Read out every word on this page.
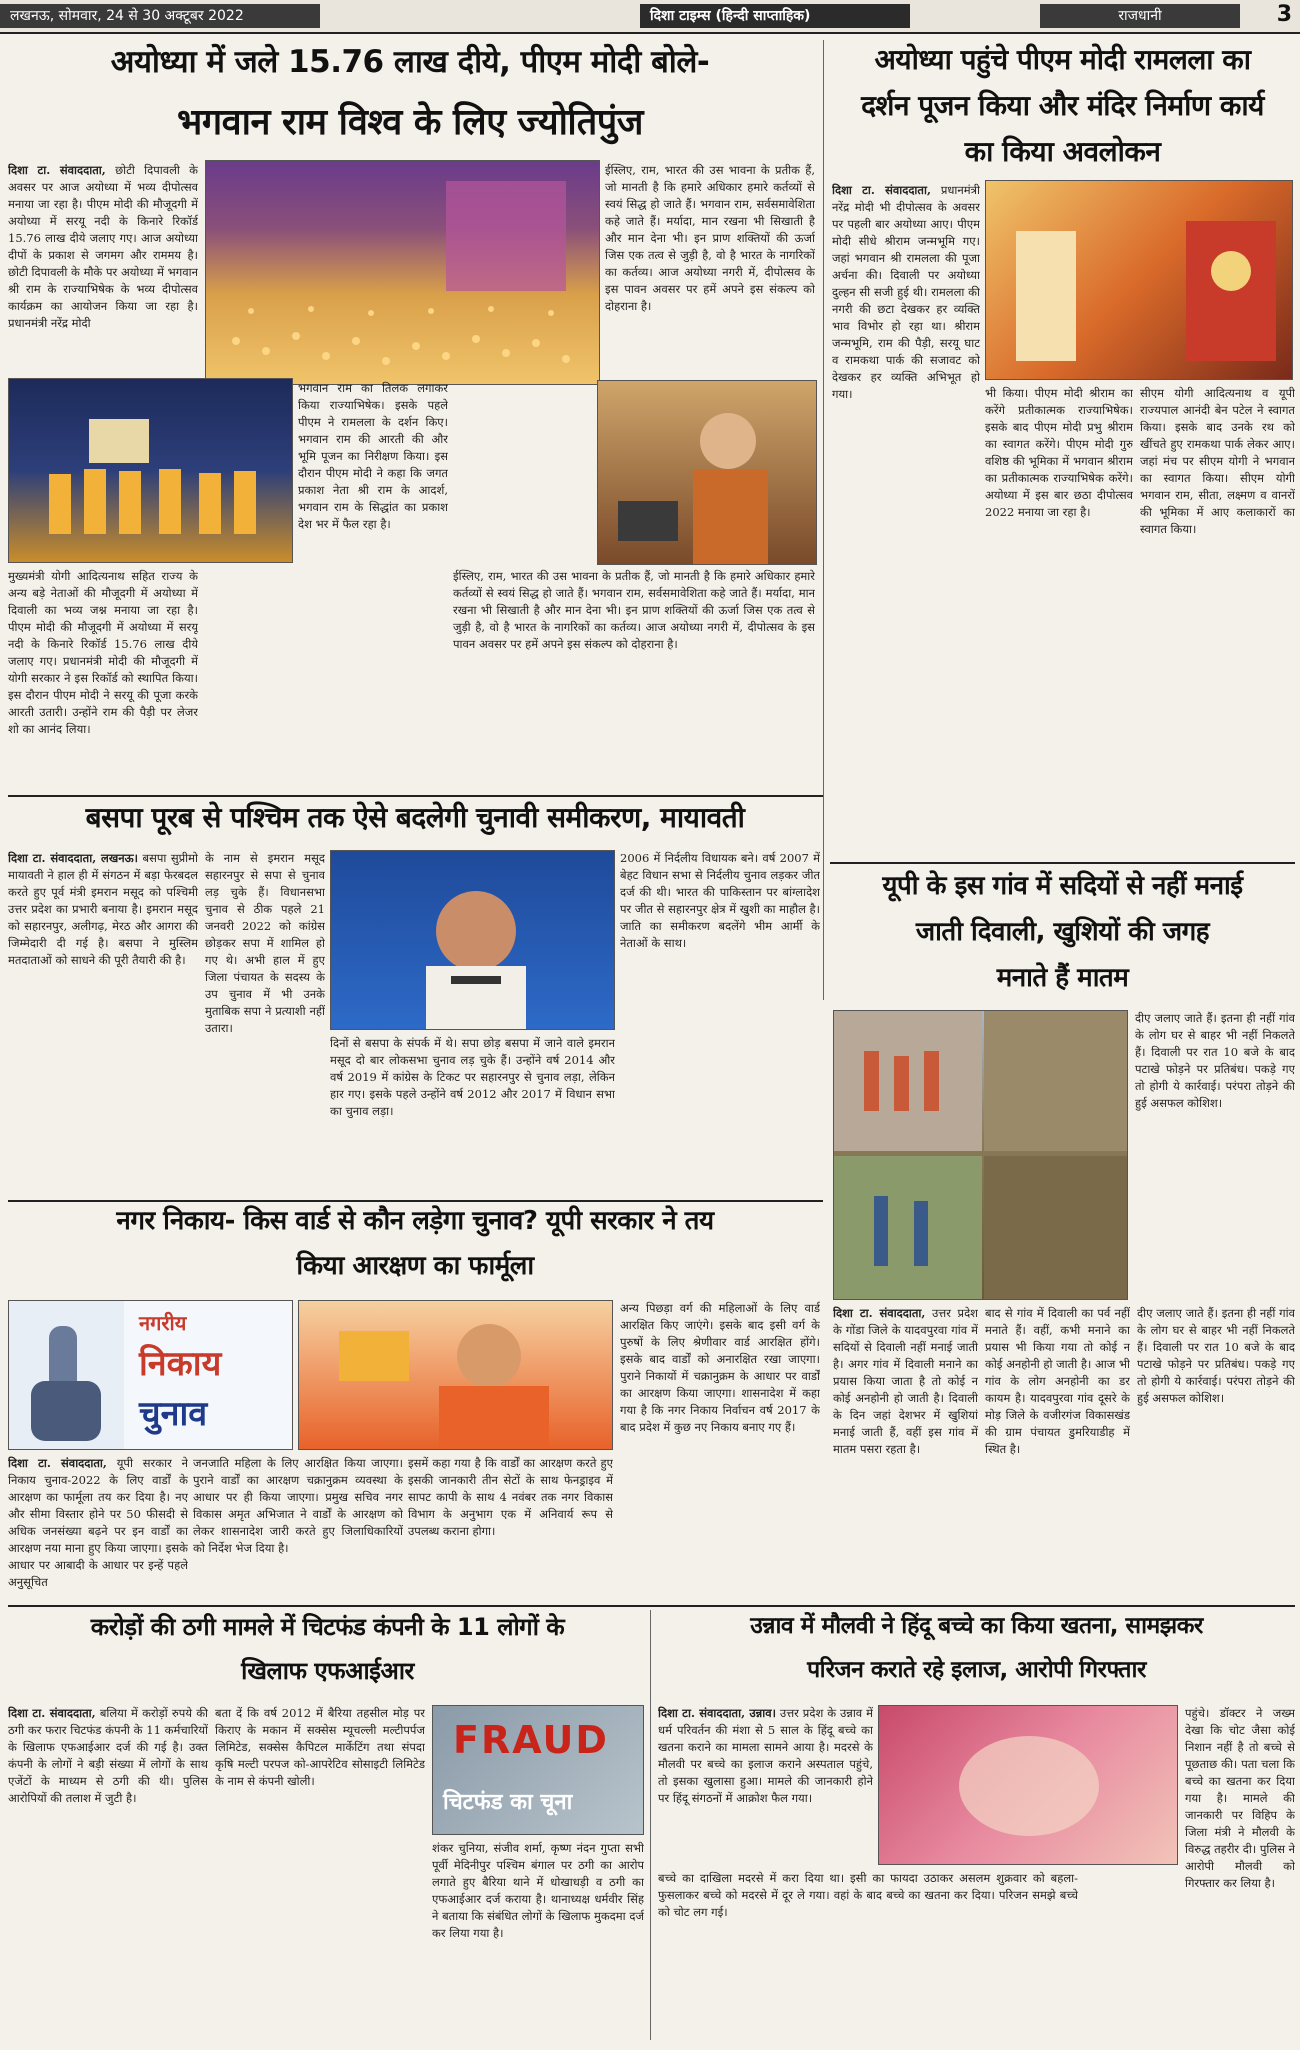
लखनऊ, सोमवार, 24 से 30 अक्टूबर 2022	दिशा टाइम्स (हिन्दी साप्ताहिक)	राजधानी	3
अयोध्या में जले 15.76 लाख दीये, पीएम मोदी बोले-
भगवान राम विश्व के लिए ज्योतिपुंज
दिशा टा. संवाददाता, छोटी दिपावली के अवसर पर आज अयोध्या में भव्य दीपोत्सव मनाया जा रहा है। पीएम मोदी की मौजूदगी में अयोध्या में सरयू नदी के किनारे रिकॉर्ड 15.76 लाख दीये जलाए गए। आज अयोध्या दीपों के प्रकाश से जगमग और राममय है। छोटी दिपावली के मौके पर अयोध्या में भगवान श्री राम के राज्याभिषेक के भव्य दीपोत्सव कार्यक्रम का आयोजन किया जा रहा है। प्रधानमंत्री नरेंद्र मोदी
मुख्यमंत्री योगी आदित्यनाथ सहित राज्य के अन्य बड़े नेताओं की मौजूदगी में अयोध्या में दिवाली का भव्य जश्न मनाया जा रहा है। पीएम मोदी की मौजूदगी में अयोध्या में सरयू नदी के किनारे रिकॉर्ड 15.76 लाख दीये जलाए गए। प्रधानमंत्री मोदी की मौजूदगी में योगी सरकार ने इस रिकॉर्ड को स्थापित किया। इस दौरान पीएम मोदी ने सरयू की पूजा करके आरती उतारी। उन्होंने राम की पैड़ी पर लेजर शो का आनंद लिया।
भगवान राम का तिलक लगाकर किया राज्याभिषेक। इसके पहले पीएम ने रामलला के दर्शन किए। भगवान राम की आरती की और भूमि पूजन का निरीक्षण किया। इस दौरान पीएम मोदी ने कहा कि जगत प्रकाश नेता श्री राम के आदर्श, भगवान राम के सिद्धांत का प्रकाश देश भर में फैल रहा है।
ईस्लिए, राम, भारत की उस भावना के प्रतीक हैं, जो मानती है कि हमारे अधिकार हमारे कर्तव्यों से स्वयं सिद्ध हो जाते हैं। भगवान राम, सर्वसमावेशिता कहे जाते हैं। मर्यादा, मान रखना भी सिखाती है और मान देना भी। इन प्राण शक्तियों की ऊर्जा जिस एक तत्व से जुड़ी है, वो है भारत के नागरिकों का कर्तव्य। आज अयोध्या नगरी में, दीपोत्सव के इस पावन अवसर पर हमें अपने इस संकल्प को दोहराना है।
ईस्लिए, राम, भारत की उस भावना के प्रतीक हैं, जो मानती है कि हमारे अधिकार हमारे कर्तव्यों से स्वयं सिद्ध हो जाते हैं। भगवान राम, सर्वसमावेशिता कहे जाते हैं। मर्यादा, मान रखना भी सिखाती है और मान देना भी। इन प्राण शक्तियों की ऊर्जा जिस एक तत्व से जुड़ी है, वो है भारत के नागरिकों का कर्तव्य। आज अयोध्या नगरी में, दीपोत्सव के इस पावन अवसर पर हमें अपने इस संकल्प को दोहराना है।
अयोध्या पहुंचे पीएम मोदी रामलला का
दर्शन पूजन किया और मंदिर निर्माण कार्य
का किया अवलोकन
दिशा टा. संवाददाता, प्रधानमंत्री नरेंद्र मोदी भी दीपोत्सव के अवसर पर पहली बार अयोध्या आए। पीएम मोदी सीधे श्रीराम जन्मभूमि गए। जहां भगवान श्री रामलला की पूजा अर्चना की। दिवाली पर अयोध्या दुल्हन सी सजी हुई थी। रामलला की नगरी की छटा देखकर हर व्यक्ति भाव विभोर हो रहा था। श्रीराम जन्मभूमि, राम की पैड़ी, सरयू घाट व रामकथा पार्क की सजावट को देखकर हर व्यक्ति अभिभूत हो गया।	भी किया। पीएम मोदी श्रीराम का करेंगे प्रतीकात्मक राज्याभिषेक। इसके बाद पीएम मोदी प्रभु श्रीराम का स्वागत करेंगे। पीएम मोदी गुरु वशिष्ठ की भूमिका में भगवान श्रीराम का प्रतीकात्मक राज्याभिषेक करेंगे। अयोध्या में इस बार छठा दीपोत्सव 2022 मनाया जा रहा है।
सीएम योगी आदित्यनाथ व यूपी राज्यपाल आनंदी बेन पटेल ने स्वागत किया। इसके बाद उनके रथ को खींचते हुए रामकथा पार्क लेकर आए। जहां मंच पर सीएम योगी ने भगवान का स्वागत किया। सीएम योगी भगवान राम, सीता, लक्ष्मण व वानरों की भूमिका में आए कलाकारों का स्वागत किया।
बसपा पूरब से पश्चिम तक ऐसे बदलेगी चुनावी समीकरण, मायावती
दिशा टा. संवाददाता, लखनऊ। बसपा सुप्रीमो मायावती ने हाल ही में संगठन में बड़ा फेरबदल करते हुए पूर्व मंत्री इमरान मसूद को पश्चिमी उत्तर प्रदेश का प्रभारी बनाया है। इमरान मसूद को सहारनपुर, अलीगढ़, मेरठ और आगरा की जिम्मेदारी दी गई है। बसपा ने मुस्लिम मतदाताओं को साधने की पूरी तैयारी की है।
के नाम से इमरान मसूद सहारनपुर से सपा से चुनाव लड़ चुके हैं। विधानसभा चुनाव से ठीक पहले 21 जनवरी 2022 को कांग्रेस छोड़कर सपा में शामिल हो गए थे। अभी हाल में हुए जिला पंचायत के सदस्य के उप चुनाव में भी उनके मुताबिक सपा ने प्रत्याशी नहीं उतारा।
दिनों से बसपा के संपर्क में थे। सपा छोड़ बसपा में जाने वाले इमरान मसूद दो बार लोकसभा चुनाव लड़ चुके हैं। उन्होंने वर्ष 2014 और वर्ष 2019 में कांग्रेस के टिकट पर सहारनपुर से चुनाव लड़ा, लेकिन हार गए। इसके पहले उन्होंने वर्ष 2012 और 2017 में विधान सभा का चुनाव लड़ा।
2006 में निर्दलीय विधायक बने। वर्ष 2007 में बेहट विधान सभा से निर्दलीय चुनाव लड़कर जीत दर्ज की थी। भारत की पाकिस्तान पर बांग्लादेश पर जीत से सहारनपुर क्षेत्र में खुशी का माहौल है। जाति का समीकरण बदलेंगे भीम आर्मी के नेताओं के साथ।
यूपी के इस गांव में सदियों से नहीं मनाई
जाती दिवाली, खुशियों की जगह
मनाते हैं मातम
दीए जलाए जाते हैं। इतना ही नहीं गांव के लोग घर से बाहर भी नहीं निकलते हैं। दिवाली पर रात 10 बजे के बाद पटाखे फोड़ने पर प्रतिबंध। पकड़े गए तो होगी ये कार्रवाई। परंपरा तोड़ने की हुई असफल कोशिश।
दिशा टा. संवाददाता, उत्तर प्रदेश के गोंडा जिले के यादवपुरवा गांव में सदियों से दिवाली नहीं मनाई जाती है। अगर गांव में दिवाली मनाने का प्रयास किया जाता है तो कोई न कोई अनहोनी हो जाती है। दिवाली के दिन जहां देशभर में खुशियां मनाई जाती हैं, वहीं इस गांव में मातम पसरा रहता है।
बाद से गांव में दिवाली का पर्व नहीं मनाते हैं। वहीं, कभी मनाने का प्रयास भी किया गया तो कोई न कोई अनहोनी हो जाती है। आज भी गांव के लोग अनहोनी का डर कायम है। यादवपुरवा गांव दूसरे के मोड़ जिले के वजीरगंज विकासखंड की ग्राम पंचायत डुमरियाडीह में स्थित है।
दीए जलाए जाते हैं। इतना ही नहीं गांव के लोग घर से बाहर भी नहीं निकलते हैं। दिवाली पर रात 10 बजे के बाद पटाखे फोड़ने पर प्रतिबंध। पकड़े गए तो होगी ये कार्रवाई। परंपरा तोड़ने की हुई असफल कोशिश।
नगर निकाय- किस वार्ड से कौन लड़ेगा चुनाव? यूपी सरकार ने तय
किया आरक्षण का फार्मूला
नगरीय
निकाय
चुनाव
दिशा टा. संवाददाता, यूपी सरकार ने निकाय चुनाव-2022 के लिए वार्डों के आरक्षण का फार्मूला तय कर दिया है। नए और सीमा विस्तार होने पर 50 फीसदी से अधिक जनसंख्या बढ़ने पर इन वार्डों का आरक्षण नया माना हुए किया जाएगा। इसके आधार पर आबादी के आधार पर इन्हें पहले अनुसूचित
जनजाति महिला के लिए आरक्षित किया जाएगा। पुराने वार्डों का आरक्षण चक्रानुक्रम व्यवस्था के आधार पर ही किया जाएगा। प्रमुख सचिव नगर विकास अमृत अभिजात ने वार्डों के आरक्षण को लेकर शासनादेश जारी करते हुए जिलाधिकारियों को निर्देश भेज दिया है।
इसमें कहा गया है कि वार्डों का आरक्षण करते हुए इसकी जानकारी तीन सेटों के साथ फेनड्राइव में सापट कापी के साथ 4 नवंबर तक नगर विकास विभाग के अनुभाग एक में अनिवार्य रूप से उपलब्ध कराना होगा।
अन्य पिछड़ा वर्ग की महिलाओं के लिए वार्ड आरक्षित किए जाएंगे। इसके बाद इसी वर्ग के पुरुषों के लिए श्रेणीवार वार्ड आरक्षित होंगे। इसके बाद वार्डों को अनारक्षित रखा जाएगा। पुराने निकायों में चक्रानुक्रम के आधार पर वार्डों का आरक्षण किया जाएगा। शासनादेश में कहा गया है कि नगर निकाय निर्वाचन वर्ष 2017 के बाद प्रदेश में कुछ नए निकाय बनाए गए हैं।
करोड़ों की ठगी मामले में चिटफंड कंपनी के 11 लोगों के
खिलाफ एफआईआर
दिशा टा. संवाददाता, बलिया में करोड़ों रुपये की ठगी कर फरार चिटफंड कंपनी के 11 कर्मचारियों के खिलाफ एफआईआर दर्ज की गई है। उक्त कंपनी के लोगों ने बड़ी संख्या में लोगों के साथ एजेंटों के माध्यम से ठगी की थी। पुलिस आरोपियों की तलाश में जुटी है।
बता दें कि वर्ष 2012 में बैरिया तहसील मोड़ पर किराए के मकान में सक्सेस म्यूचल्ली मल्टीपर्पज लिमिटेड, सक्सेस कैपिटल मार्केटिंग तथा संपदा कृषि मल्टी परपज को-आपरेटिव सोसाइटी लिमिटेड के नाम से कंपनी खोली।
FRAUD
चिटफंड का चूना
शंकर चुनिया, संजीव शर्मा, कृष्ण नंदन गुप्ता सभी पूर्वी मेदिनीपुर पश्चिम बंगाल पर ठगी का आरोप लगाते हुए बैरिया थाने में धोखाधड़ी व ठगी का एफआईआर दर्ज कराया है। थानाध्यक्ष धर्मवीर सिंह ने बताया कि संबंधित लोगों के खिलाफ मुकदमा दर्ज कर लिया गया है।
उन्नाव में मौलवी ने हिंदू बच्चे का किया खतना, सामझकर
परिजन कराते रहे इलाज, आरोपी गिरफ्तार
दिशा टा. संवाददाता, उन्नाव। उत्तर प्रदेश के उन्नाव में धर्म परिवर्तन की मंशा से 5 साल के हिंदू बच्चे का खतना कराने का मामला सामने आया है। मदरसे के मौलवी पर बच्चे का इलाज कराने अस्पताल पहुंचे, तो इसका खुलासा हुआ। मामले की जानकारी होने पर हिंदू संगठनों में आक्रोश फैल गया।
बच्चे का दाखिला मदरसे में करा दिया था। इसी का फायदा उठाकर असलम शुक्रवार को बहला-फुसलाकर बच्चे को मदरसे में दूर ले गया। वहां के बाद बच्चे का खतना कर दिया। परिजन समझे बच्चे को चोट लग गई।
पहुंचे। डॉक्टर ने जख्म देखा कि चोट जैसा कोई निशान नहीं है तो बच्चे से पूछताछ की। पता चला कि बच्चे का खतना कर दिया गया है। मामले की जानकारी पर विहिप के जिला मंत्री ने मौलवी के विरुद्ध तहरीर दी। पुलिस ने आरोपी मौलवी को गिरफ्तार कर लिया है।
